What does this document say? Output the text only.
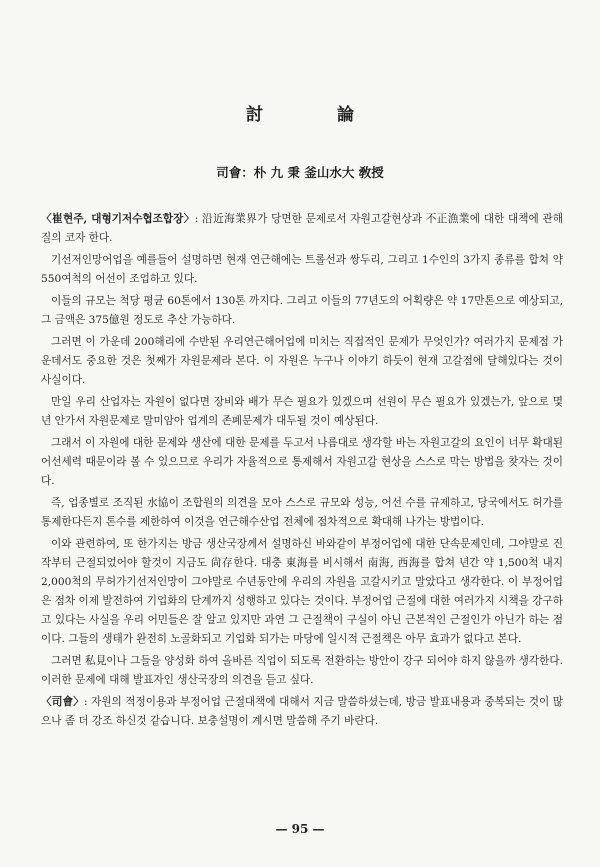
討 論
司會：朴 九 秉 釜山水大 敎授

〈崔현주, 대형기저수협조합장〉: 沿近海業界가 당면한 문제로서 자원고갈현상과 不正漁業에 대한 대책에 관해 질의 코자 한다.

기선저인망어업을 예를들어 설명하면 현재 연근해에는 트롤선과 쌍두리, 그리고 1수인의 3가지 종류를 합쳐 약 550여척의 어선이 조업하고 있다.

이들의 규모는 척당 평균 60톤에서 130톤 까지다. 그리고 이들의 77년도의 어획량은 약 17만톤으로 예상되고, 그 금액은 375億원 정도로 추산 가능하다.

그러면 이 가운데 200해리에 수반된 우리연근해어업에 미치는 직접적인 문제가 무엇인가? 여러가지 문제점 가운데서도 중요한 것은 첫째가 자원문제라 본다. 이 자원은 누구나 이야기 하듯이 현재 고갈점에 달해있다는 것이 사실이다.

만일 우리 산업자는 자원이 없다면 장비와 배가 무슨 필요가 있겠으며 선원이 무슨 필요가 있겠는가, 앞으로 몇 년 안가서 자원문제로 말미암아 업계의 존폐문제가 대두될 것이 예상된다.

그래서 이 자원에 대한 문제와 생산에 대한 문제를 두고서 나름대로 생각할 바는 자원고갈의 요인이 너무 확대된 어선세력 때문이라 볼 수 있으므로 우리가 자율적으로 통제해서 자원고갈 현상을 스스로 막는 방법을 찾자는 것이다.

즉, 업종별로 조직된 水協이 조합원의 의견을 모아 스스로 규모와 성능, 어선 수를 규제하고, 당국에서도 허가를 통제한다든지 톤수를 제한하여 이것을 연근해수산업 전체에 점차적으로 확대해 나가는 방법이다.

이와 관련하여, 또 한가지는 방금 생산국장께서 설명하신 바와같이 부정어업에 대한 단속문제인데, 그야말로 진작부터 근절되었어야 할것이 지금도 尙存한다. 대충 東海를 비시해서 南海, 西海를 합쳐 년간 약 1,500척 내지 2,000척의 무허가기선저인망이 그야말로 수년동안에 우리의 자원을 고갈시키고 말았다고 생각한다. 이 부정어업은 점차 이제 발전하여 기업화의 단계까지 성행하고 있다는 것이다. 부정어업 근절에 대한 여러가지 시책을 강구하고 있다는 사실을 우리 어민들은 잘 알고 있지만 과연 그 근절책이 구실이 아닌 근본적인 근절인가 아닌가 하는 점이다. 그들의 생태가 완전히 노골화되고 기업화 되가는 마당에 일시적 근절책은 아무 효과가 없다고 본다.

그러면 私見이나 그들을 양성화 하여 올바른 직업이 되도록 전환하는 방안이 강구 되어야 하지 않을까 생각한다. 이러한 문제에 대해 발표자인 생산국장의 의견을 듣고 싶다.

〈司會〉: 자원의 적정이용과 부정어업 근절대책에 대해서 지금 말씀하셨는데, 방금 발표내용과 중복되는 것이 많으나 좀 더 강조 하신것 같습니다. 보충설명이 계시면 말씀해 주기 바란다.

— 95 —
